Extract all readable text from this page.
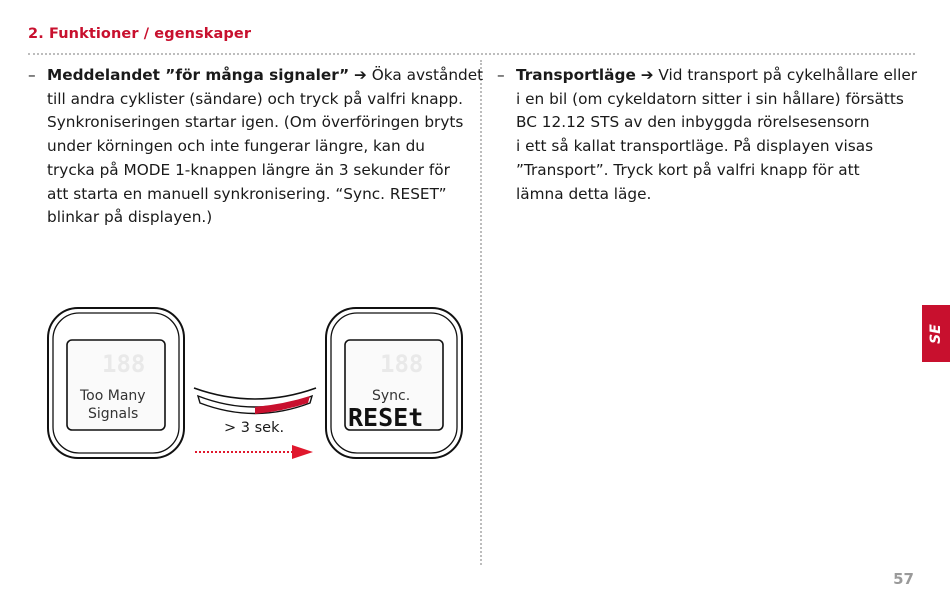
2. Funktioner / egenskaper
– Meddelandet ”för många signaler” ➔ Öka avståndet
till andra cyklister (sändare) och tryck på valfri knapp.
Synkroniseringen startar igen. (Om överföringen bryts
under körningen och inte fungerar längre, kan du
trycka på MODE 1-knappen längre än 3 sekunder för
att starta en manuell synkronisering. “Sync. RESET”
blinkar på displayen.)
– Transportläge ➔ Vid transport på cykelhållare eller
i en bil (om cykeldatorn sitter i sin hållare) försätts
BC 12.12 STS av den inbyggda rörelsesensorn
i ett så kallat transportläge. På displayen visas
”Transport”. Tryck kort på valfri knapp för att
lämna detta läge.
188
Too Many
Signals
> 3 sek.
188
Sync.
RESEt
SE
57
